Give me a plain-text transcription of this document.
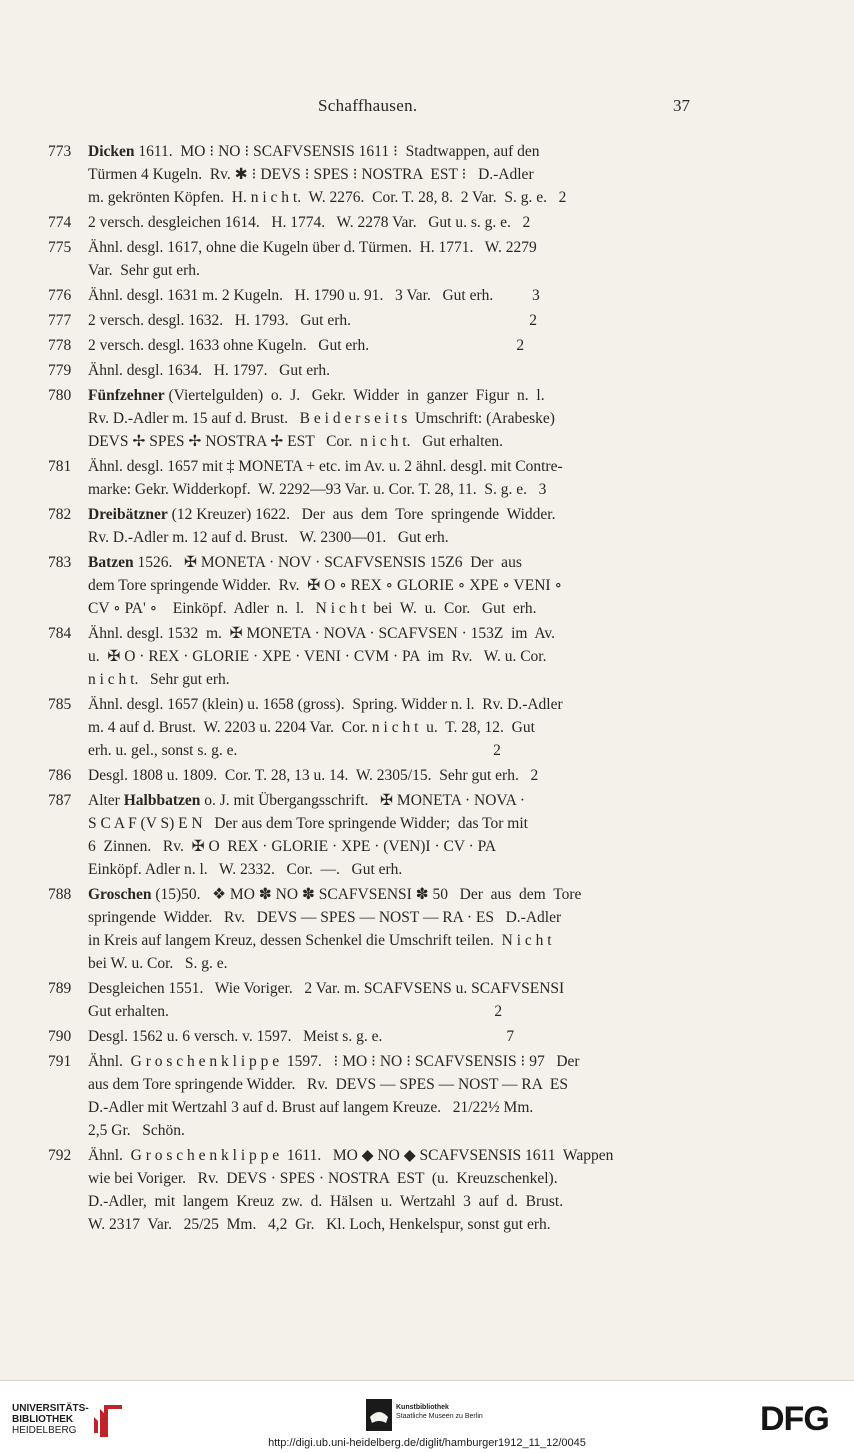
Schaffhausen.	37
773 Dicken 1611.  MO ⁝ NO ⁝ SCAFVSENSIS 1611 ⁝  Stadtwappen, auf den
Türmen 4 Kugeln.  Rv. ✱ ⁝ DEVS ⁝ SPES ⁝ NOSTRA  EST ⁝   D.-Adler
m. gekrönten Köpfen.  H. n i c h t.  W. 2276.  Cor. T. 28, 8.  2 Var.  S. g. e.   2
774 2 versch. desgleichen 1614.   H. 1774.   W. 2278 Var.   Gut u. s. g. e.   2
775 Ähnl. desgl. 1617, ohne die Kugeln über d. Türmen.  H. 1771.   W. 2279
Var.  Sehr gut erh.
776 Ähnl. desgl. 1631 m. 2 Kugeln.   H. 1790 u. 91.   3 Var.   Gut erh.          3
777 2 versch. desgl. 1632.   H. 1793.   Gut erh.                                              2
778 2 versch. desgl. 1633 ohne Kugeln.   Gut erh.                                      2
779 Ähnl. desgl. 1634.   H. 1797.   Gut erh.
780 Fünfzehner (Viertelgulden)  o.  J.   Gekr.  Widder  in  ganzer  Figur  n.  l.
Rv. D.-Adler m. 15 auf d. Brust.   B e i d e r s e i t s  Umschrift: (Arabeske)
DEVS ✢ SPES ✢ NOSTRA ✢ EST   Cor.  n i c h t.   Gut erhalten.
781 Ähnl. desgl. 1657 mit ‡ MONETA + etc. im Av. u. 2 ähnl. desgl. mit Contre-
marke: Gekr. Widderkopf.  W. 2292—93 Var. u. Cor. T. 28, 11.  S. g. e.   3
782 Dreibätzner (12 Kreuzer) 1622.   Der  aus  dem  Tore  springende  Widder.
Rv. D.-Adler m. 12 auf d. Brust.   W. 2300—01.   Gut erh.
783 Batzen 1526.   ✠ MONETA · NOV · SCAFVSENSIS 15Z6  Der  aus
dem Tore springende Widder.  Rv.  ✠ O ∘ REX ∘ GLORIE ∘ XPE ∘ VENI ∘
CV ∘ PA' ∘    Einköpf.  Adler  n.  l.   N i c h t  bei  W.  u.  Cor.   Gut  erh.
784 Ähnl. desgl. 1532  m.  ✠ MONETA · NOVA · SCAFVSEN · 153Z  im  Av.
u.  ✠ O · REX · GLORIE · XPE · VENI · CVM · PA  im  Rv.   W. u. Cor.
n i c h t.   Sehr gut erh.
785 Ähnl. desgl. 1657 (klein) u. 1658 (gross).  Spring. Widder n. l.  Rv. D.-Adler
m. 4 auf d. Brust.  W. 2203 u. 2204 Var.  Cor. n i c h t  u.  T. 28, 12.  Gut
erh. u. gel., sonst s. g. e.                                                                  2
786 Desgl. 1808 u. 1809.  Cor. T. 28, 13 u. 14.  W. 2305/15.  Sehr gut erh.   2
787 Alter Halbbatzen o. J. mit Übergangsschrift.   ✠ MONETA · NOVA ·
S C A F (V S) E N   Der aus dem Tore springende Widder;  das Tor mit
6  Zinnen.   Rv.  ✠ O  REX · GLORIE · XPE · (VEN)I · CV · PA
Einköpf. Adler n. l.   W. 2332.   Cor.  —.   Gut erh.
788 Groschen (15)50.   ❖ MO ✽ NO ✽ SCAFVSENSI ✽ 50   Der  aus  dem  Tore
springende  Widder.   Rv.   DEVS — SPES — NOST — RA · ES   D.-Adler
in Kreis auf langem Kreuz, dessen Schenkel die Umschrift teilen.  N i c h t
bei W. u. Cor.   S. g. e.
789 Desgleichen 1551.   Wie Voriger.   2 Var. m. SCAFVSENS u. SCAFVSENSI
Gut erhalten.                                                                                    2
790 Desgl. 1562 u. 6 versch. v. 1597.   Meist s. g. e.                                7
791 Ähnl.  G r o s c h e n k l i p p e  1597.   ⁝ MO ⁝ NO ⁝ SCAFVSENSIS ⁝ 97   Der
aus dem Tore springende Widder.   Rv.  DEVS — SPES — NOST — RA  ES
D.-Adler mit Wertzahl 3 auf d. Brust auf langem Kreuze.   21/22½ Mm.
2,5 Gr.   Schön.
792 Ähnl.  G r o s c h e n k l i p p e  1611.   MO ◆ NO ◆ SCAFVSENSIS 1611  Wappen
wie bei Voriger.   Rv.  DEVS · SPES · NOSTRA  EST  (u.  Kreuzschenkel).
D.-Adler,  mit  langem  Kreuz  zw.  d.  Hälsen  u.  Wertzahl  3  auf  d.  Brust.
W. 2317  Var.   25/25  Mm.   4,2  Gr.   Kl. Loch, Henkelspur, sonst gut erh.
UNIVERSITÄTS-
BIBLIOTHEK
HEIDELBERG
Kunstbibliothek
Staatliche Museen zu Berlin	DFG
http://digi.ub.uni-heidelberg.de/diglit/hamburger1912_11_12/0045
